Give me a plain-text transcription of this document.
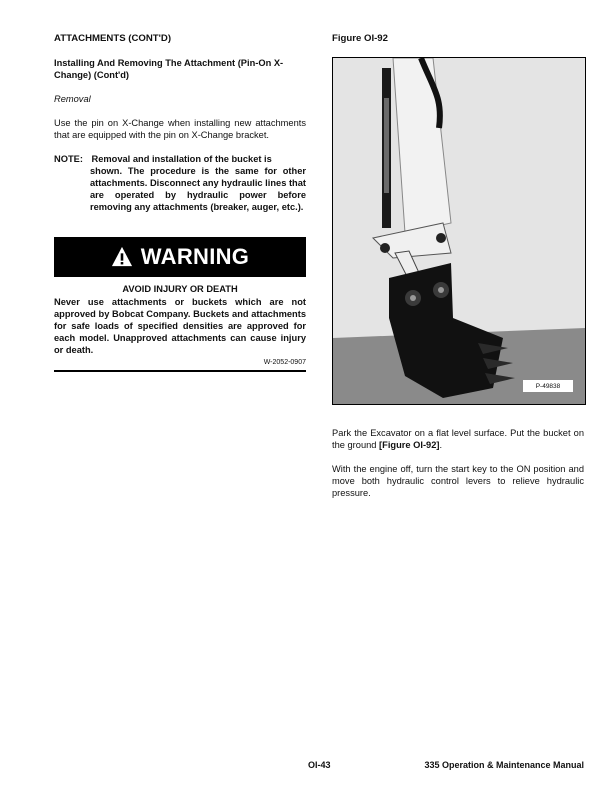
ATTACHMENTS (CONT'D)

Installing And Removing The Attachment (Pin-On X-Change) (Cont'd)

Removal

Use the pin on X-Change when installing new attachments that are equipped with the pin on X-Change bracket.

NOTE: Removal and installation of the bucket is
shown. The procedure is the same for other attachments. Disconnect any hydraulic lines that are operated by hydraulic power before removing any attachments (breaker, auger, etc.).

WARNING

AVOID INJURY OR DEATH

Never use attachments or buckets which are not approved by Bobcat Company. Buckets and attachments for safe loads of specified densities are approved for each model. Unapproved attachments can cause injury or death.

W-2052-0907

Figure OI-92

P-49838

Park the Excavator on a flat level surface. Put the bucket on the ground [Figure OI-92].

With the engine off, turn the start key to the ON position and move both hydraulic control levers to relieve hydraulic pressure.

OI-43	335 Operation & Maintenance Manual
